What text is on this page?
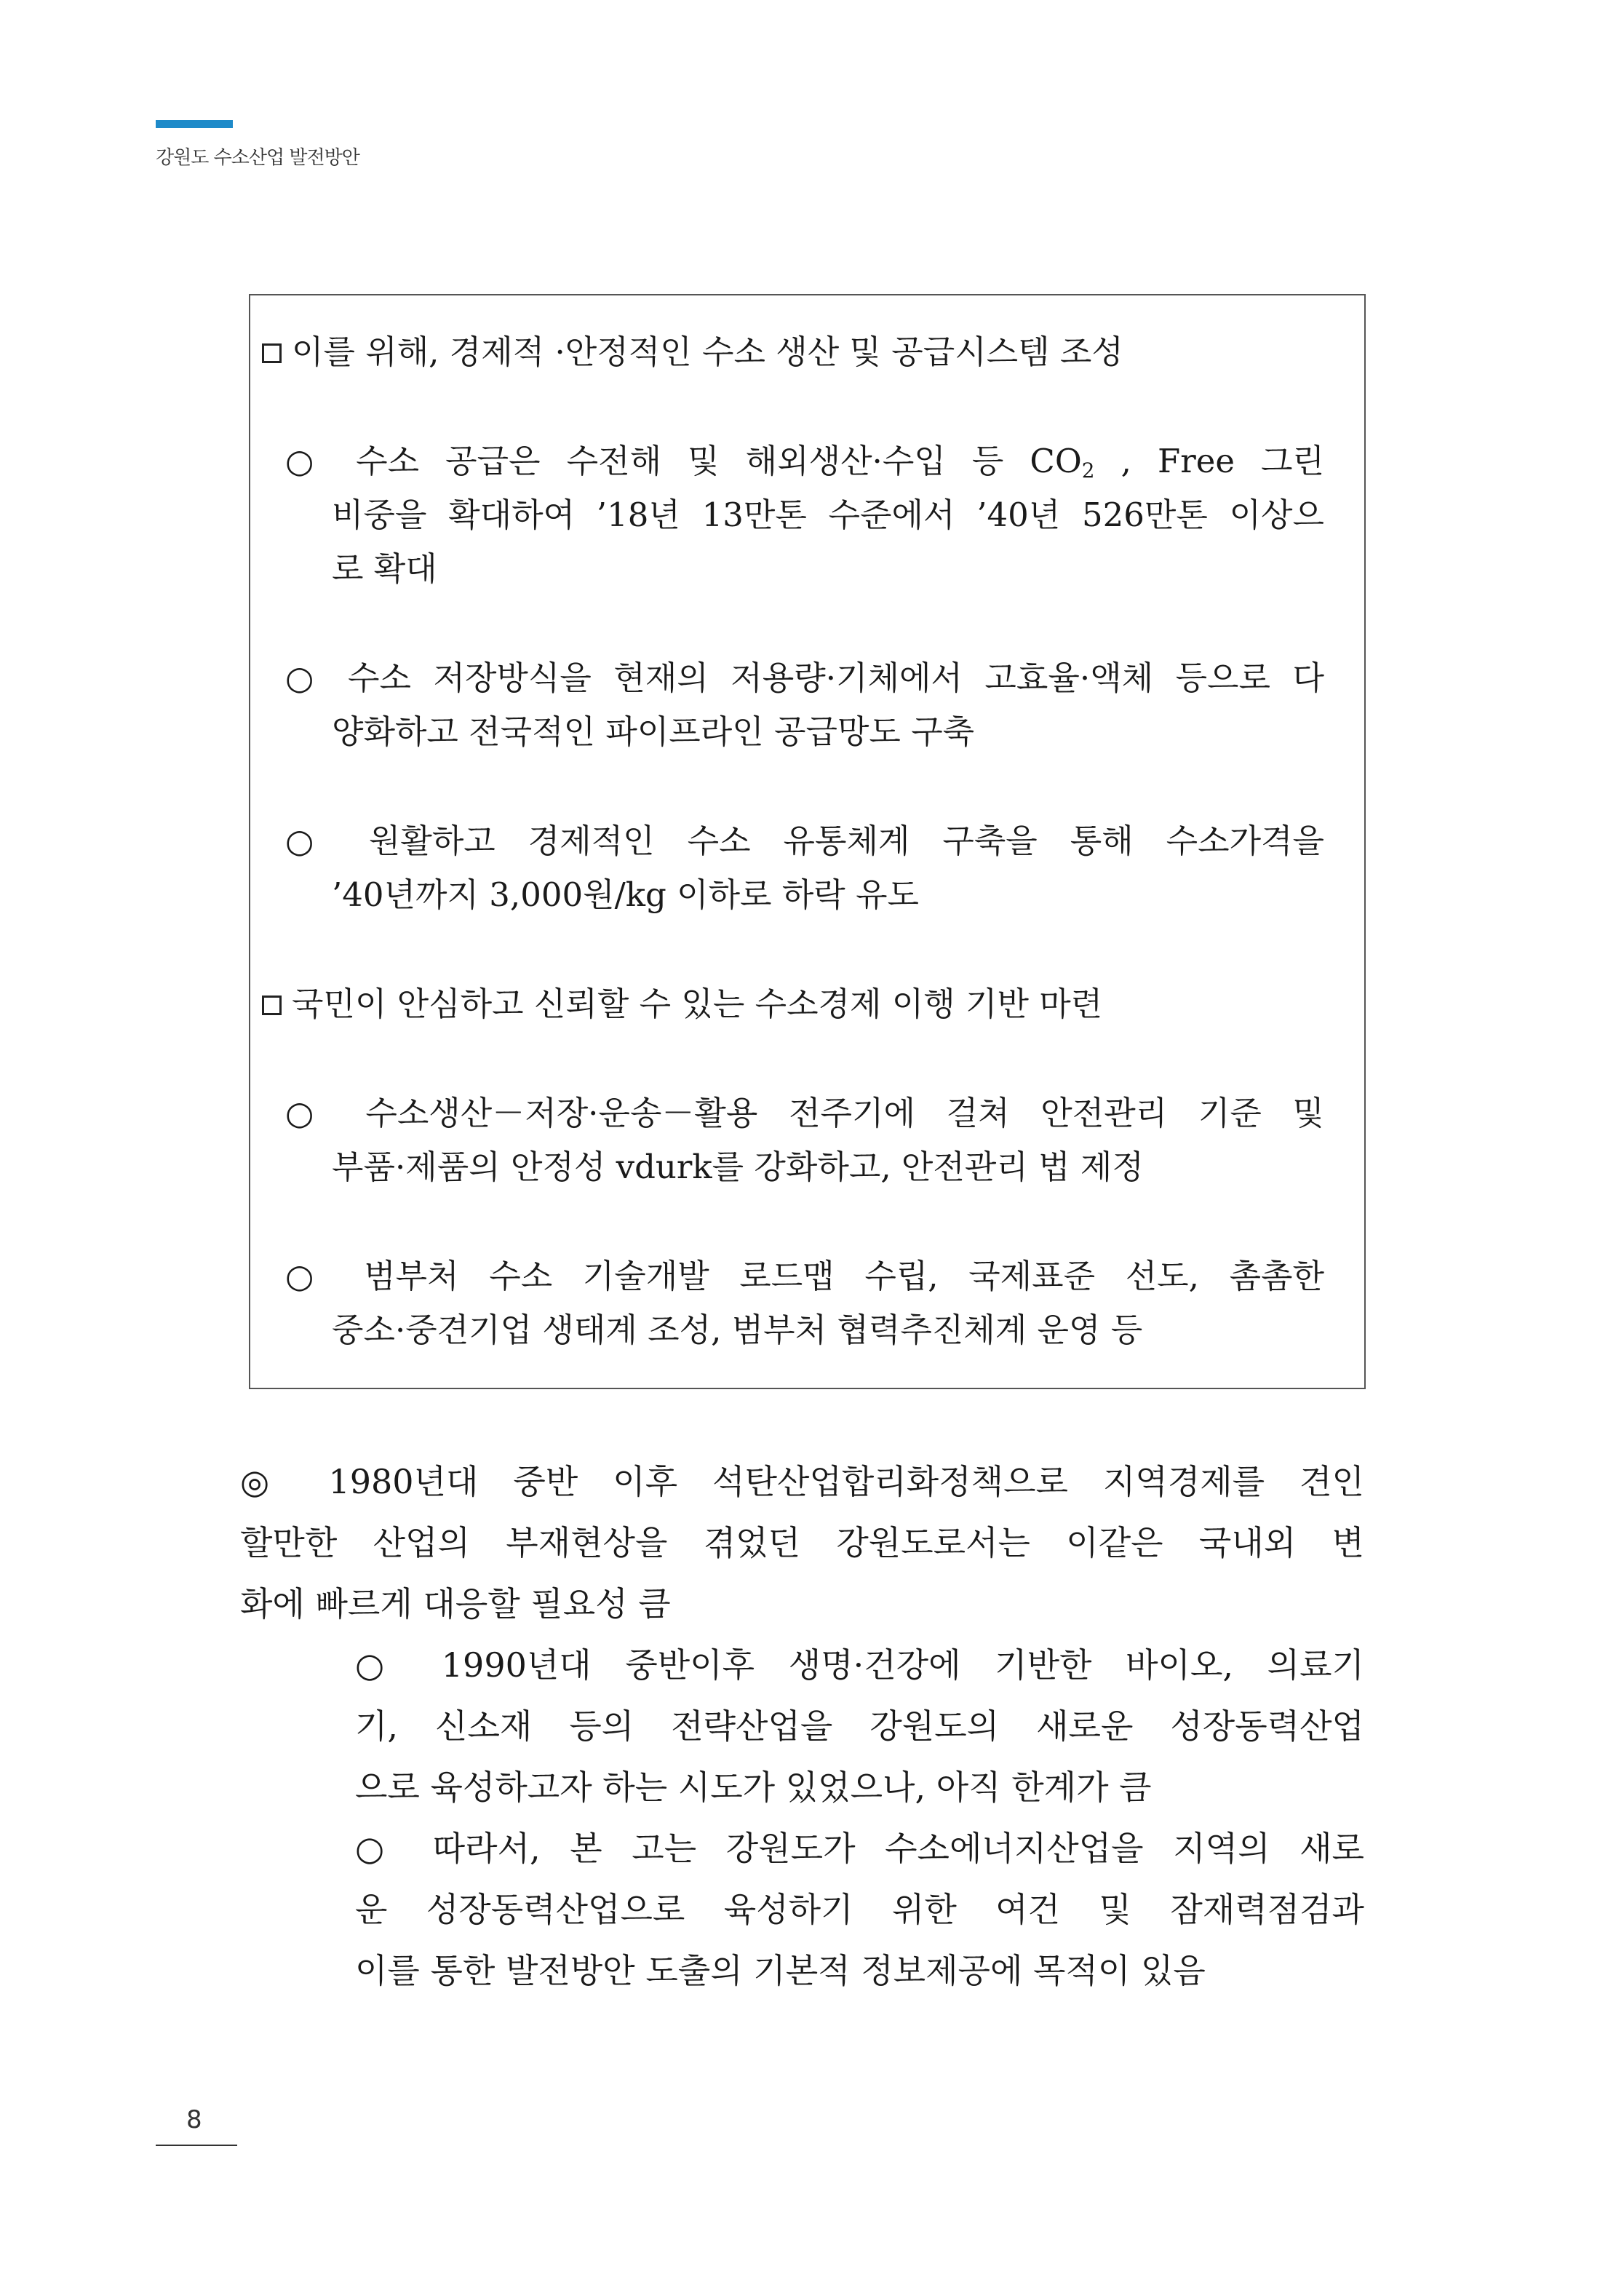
강원도 수소산업 발전방안
이를 위해, 경제적 ·안정적인 수소 생산 및 공급시스템 조성
○ 수소 공급은 수전해 및 해외생산·수입 등 $CO_2$ , Free 그린
비중을 확대하여 ’18년 13만톤 수준에서 ’40년 526만톤 이상으
로 확대
○ 수소 저장방식을 현재의 저용량·기체에서 고효율·액체 등으로 다
양화하고 전국적인 파이프라인 공급망도 구축
○ 원활하고 경제적인 수소 유통체계 구축을 통해 수소가격을
’40년까지 3,000원/kg 이하로 하락 유도
국민이 안심하고 신뢰할 수 있는 수소경제 이행 기반 마련
○ 수소생산－저장·운송－활용 전주기에 걸쳐 안전관리 기준 및
부품·제품의 안정성 vdurk를 강화하고, 안전관리 법 제정
○ 범부처 수소 기술개발 로드맵 수립, 국제표준 선도, 촘촘한
중소·중견기업 생태계 조성, 범부처 협력추진체계 운영 등
◎ 1980년대 중반 이후 석탄산업합리화정책으로 지역경제를 견인
할만한 산업의 부재현상을 겪었던 강원도로서는 이같은 국내외 변
화에 빠르게 대응할 필요성 큼
○ 1990년대 중반이후 생명·건강에 기반한 바이오, 의료기
기, 신소재 등의 전략산업을 강원도의 새로운 성장동력산업
으로 육성하고자 하는 시도가 있었으나, 아직 한계가 큼
○ 따라서, 본 고는 강원도가 수소에너지산업을 지역의 새로
운 성장동력산업으로 육성하기 위한 여건 및 잠재력점검과
이를 통한 발전방안 도출의 기본적 정보제공에 목적이 있음
8
